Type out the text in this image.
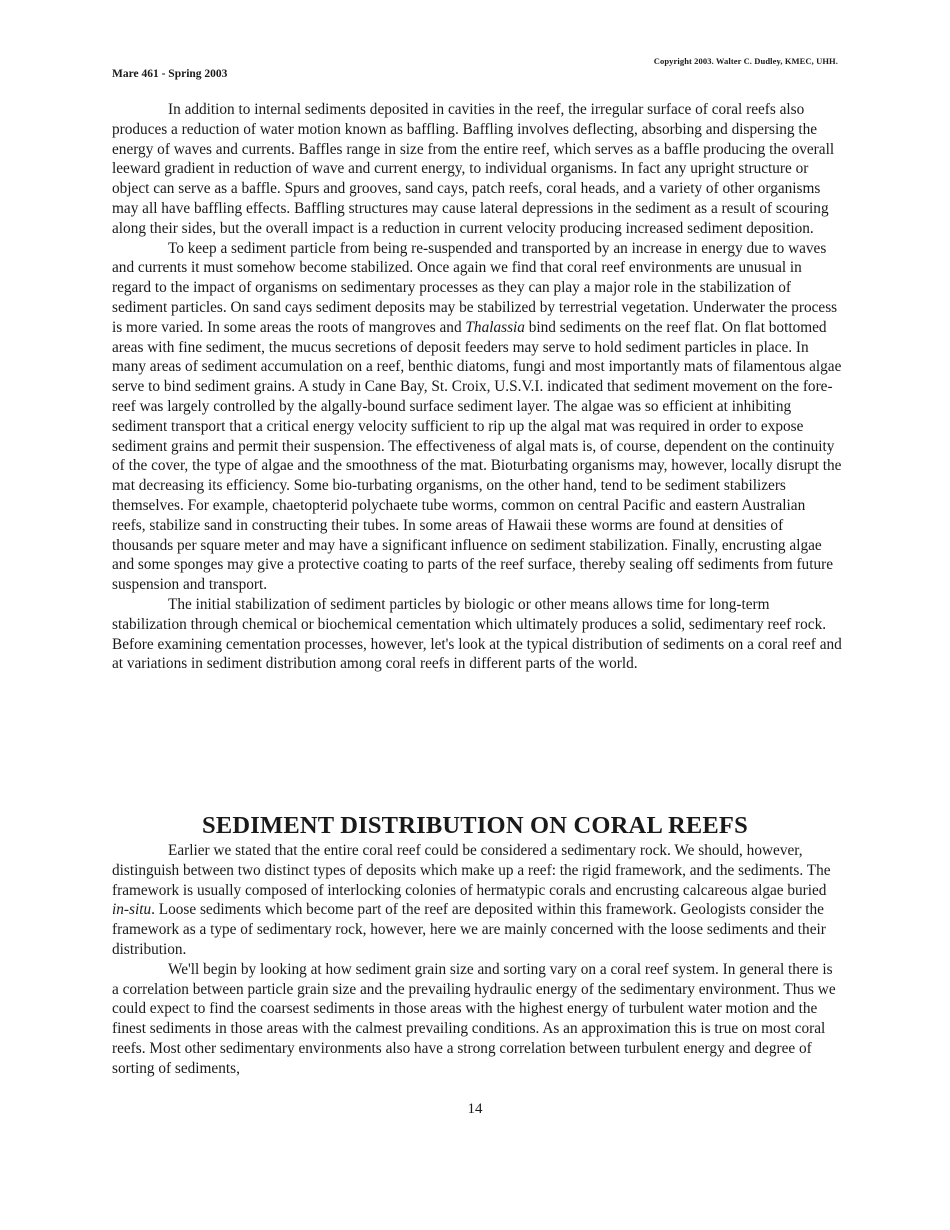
Copyright 2003. Walter C. Dudley, KMEC, UHH.
Mare 461 - Spring 2003

In addition to internal sediments deposited in cavities in the reef, the irregular surface of coral reefs also produces a reduction of water motion known as baffling. Baffling involves deflecting, absorbing and dispersing the energy of waves and currents. Baffles range in size from the entire reef, which serves as a baffle producing the overall leeward gradient in reduction of wave and current energy, to individual organisms. In fact any upright structure or object can serve as a baffle. Spurs and grooves, sand cays, patch reefs, coral heads, and a variety of other organisms may all have baffling effects. Baffling structures may cause lateral depressions in the sediment as a result of scouring along their sides, but the overall impact is a reduction in current velocity producing increased sediment deposition.

To keep a sediment particle from being re-suspended and transported by an increase in energy due to waves and currents it must somehow become stabilized. Once again we find that coral reef environments are unusual in regard to the impact of organisms on sedimentary processes as they can play a major role in the stabilization of sediment particles. On sand cays sediment deposits may be stabilized by terrestrial vegetation. Underwater the process is more varied. In some areas the roots of mangroves and Thalassia bind sediments on the reef flat. On flat bottomed areas with fine sediment, the mucus secretions of deposit feeders may serve to hold sediment particles in place. In many areas of sediment accumulation on a reef, benthic diatoms, fungi and most importantly mats of filamentous algae serve to bind sediment grains. A study in Cane Bay, St. Croix, U.S.V.I. indicated that sediment movement on the fore-reef was largely controlled by the algally-bound surface sediment layer. The algae was so efficient at inhibiting sediment transport that a critical energy velocity sufficient to rip up the algal mat was required in order to expose sediment grains and permit their suspension. The effectiveness of algal mats is, of course, dependent on the continuity of the cover, the type of algae and the smoothness of the mat. Bioturbating organisms may, however, locally disrupt the mat decreasing its efficiency. Some bio-turbating organisms, on the other hand, tend to be sediment stabilizers themselves. For example, chaetopterid polychaete tube worms, common on central Pacific and eastern Australian reefs, stabilize sand in constructing their tubes. In some areas of Hawaii these worms are found at densities of thousands per square meter and may have a significant influence on sediment stabilization. Finally, encrusting algae and some sponges may give a protective coating to parts of the reef surface, thereby sealing off sediments from future suspension and transport.

The initial stabilization of sediment particles by biologic or other means allows time for long-term stabilization through chemical or biochemical cementation which ultimately produces a solid, sedimentary reef rock. Before examining cementation processes, however, let's look at the typical distribution of sediments on a coral reef and at variations in sediment distribution among coral reefs in different parts of the world.

SEDIMENT DISTRIBUTION ON CORAL REEFS

Earlier we stated that the entire coral reef could be considered a sedimentary rock. We should, however, distinguish between two distinct types of deposits which make up a reef: the rigid framework, and the sediments. The framework is usually composed of interlocking colonies of hermatypic corals and encrusting calcareous algae buried in-situ. Loose sediments which become part of the reef are deposited within this framework. Geologists consider the framework as a type of sedimentary rock, however, here we are mainly concerned with the loose sediments and their distribution.

We'll begin by looking at how sediment grain size and sorting vary on a coral reef system. In general there is a correlation between particle grain size and the prevailing hydraulic energy of the sedimentary environment. Thus we could expect to find the coarsest sediments in those areas with the highest energy of turbulent water motion and the finest sediments in those areas with the calmest prevailing conditions. As an approximation this is true on most coral reefs. Most other sedimentary environments also have a strong correlation between turbulent energy and degree of sorting of sediments,

14
